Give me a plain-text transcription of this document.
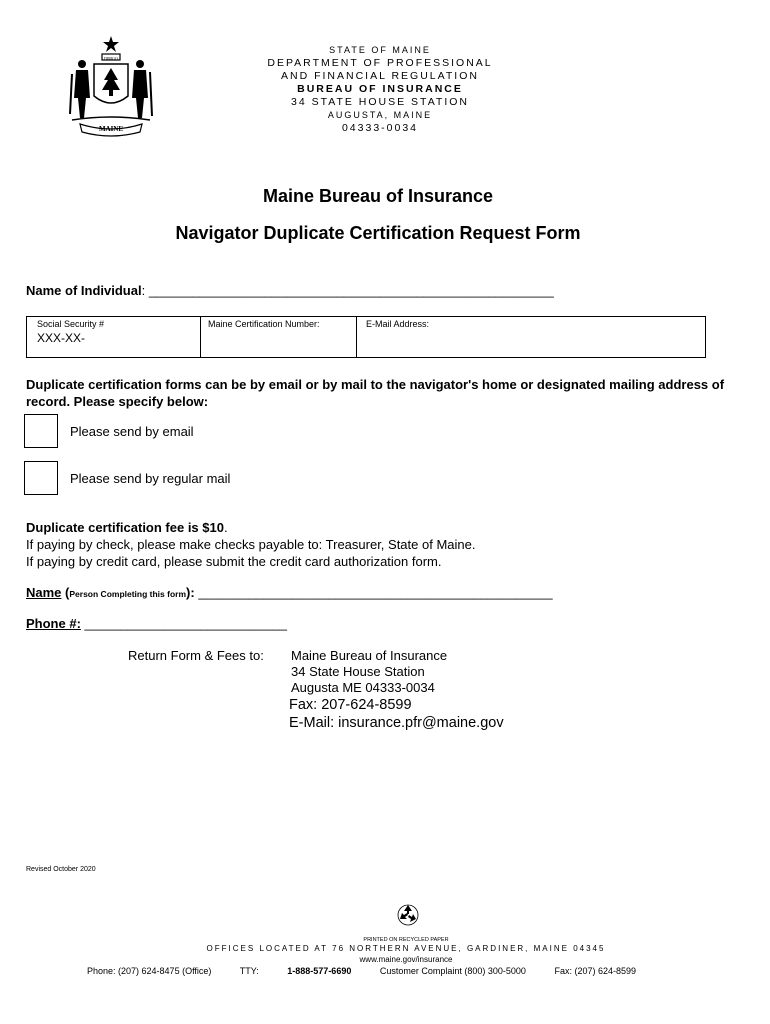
MAINE
DIRIGO
STATE OF MAINE
DEPARTMENT OF PROFESSIONAL
AND FINANCIAL REGULATION
BUREAU OF INSURANCE
34 STATE HOUSE STATION
AUGUSTA, MAINE
04333-0034
Maine Bureau of Insurance
Navigator Duplicate Certification Request Form
Name of Individual: ________________________________________________________
Social Security #
XXX-XX-
Maine Certification Number:	E-Mail Address:
Duplicate certification forms can be by email or by mail to the navigator's home or designated mailing address of record. Please specify below:
Please send by email
Please send by regular mail
Duplicate certification fee is $10.
If paying by check, please make checks payable to: Treasurer, State of Maine.
If paying by credit card, please submit the credit card authorization form.
Name (Person Completing this form): _________________________________________________
Phone #: ____________________________
Return Form & Fees to: Maine Bureau of Insurance
34 State House Station
Augusta ME 04333-0034
Fax: 207-624-8599
E-Mail: insurance.pfr@maine.gov
Revised October 2020
PRINTED ON RECYCLED PAPER
OFFICES LOCATED AT 76 NORTHERN AVENUE, GARDINER, MAINE 04345
www.maine.gov/insurance
Phone: (207) 624-8475 (Office)	TTY:	1-888-577-6690	Customer Complaint (800) 300-5000	Fax: (207) 624-8599
